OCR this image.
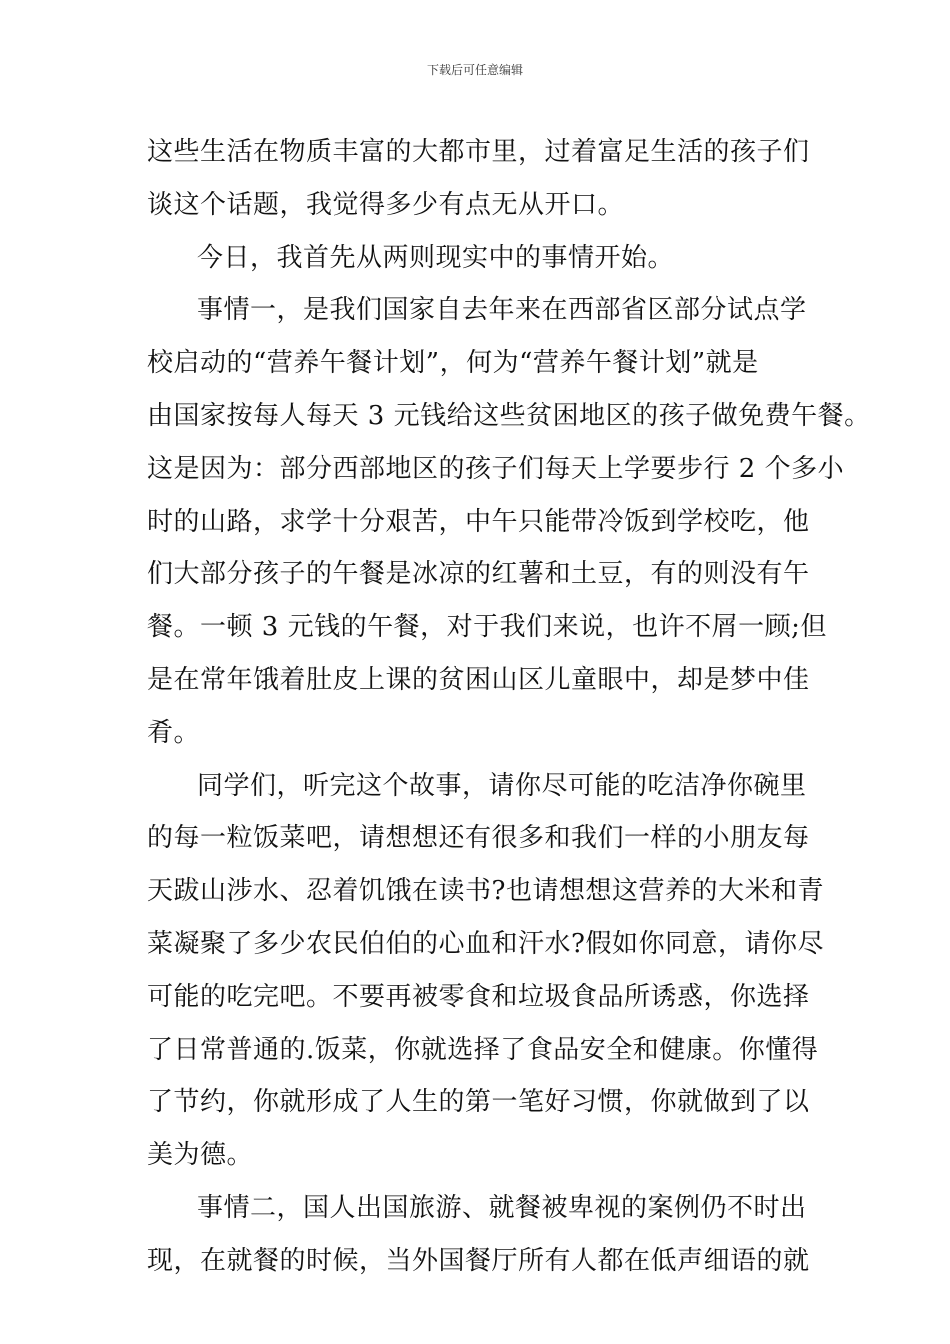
下载后可任意编辑
这些生活在物质丰富的大都市里，过着富足生活的孩子们
谈这个话题，我觉得多少有点无从开口。
今日，我首先从两则现实中的事情开始。
事情一，是我们国家自去年来在西部省区部分试点学
校启动的“营养午餐计划”，何为“营养午餐计划”就是
由国家按每人每天 3 元钱给这些贫困地区的孩子做免费午餐。
这是因为：部分西部地区的孩子们每天上学要步行 2 个多小
时的山路，求学十分艰苦，中午只能带冷饭到学校吃，他
们大部分孩子的午餐是冰凉的红薯和土豆，有的则没有午
餐。一顿 3 元钱的午餐，对于我们来说，也许不屑一顾;但
是在常年饿着肚皮上课的贫困山区儿童眼中，却是梦中佳
肴。
同学们，听完这个故事，请你尽可能的吃洁净你碗里
的每一粒饭菜吧，请想想还有很多和我们一样的小朋友每
天跋山涉水、忍着饥饿在读书?也请想想这营养的大米和青
菜凝聚了多少农民伯伯的心血和汗水?假如你同意，请你尽
可能的吃完吧。不要再被零食和垃圾食品所诱惑，你选择
了日常普通的.饭菜，你就选择了食品安全和健康。你懂得
了节约，你就形成了人生的第一笔好习惯，你就做到了以
美为德。
事情二，国人出国旅游、就餐被卑视的案例仍不时出
现，在就餐的时候，当外国餐厅所有人都在低声细语的就
